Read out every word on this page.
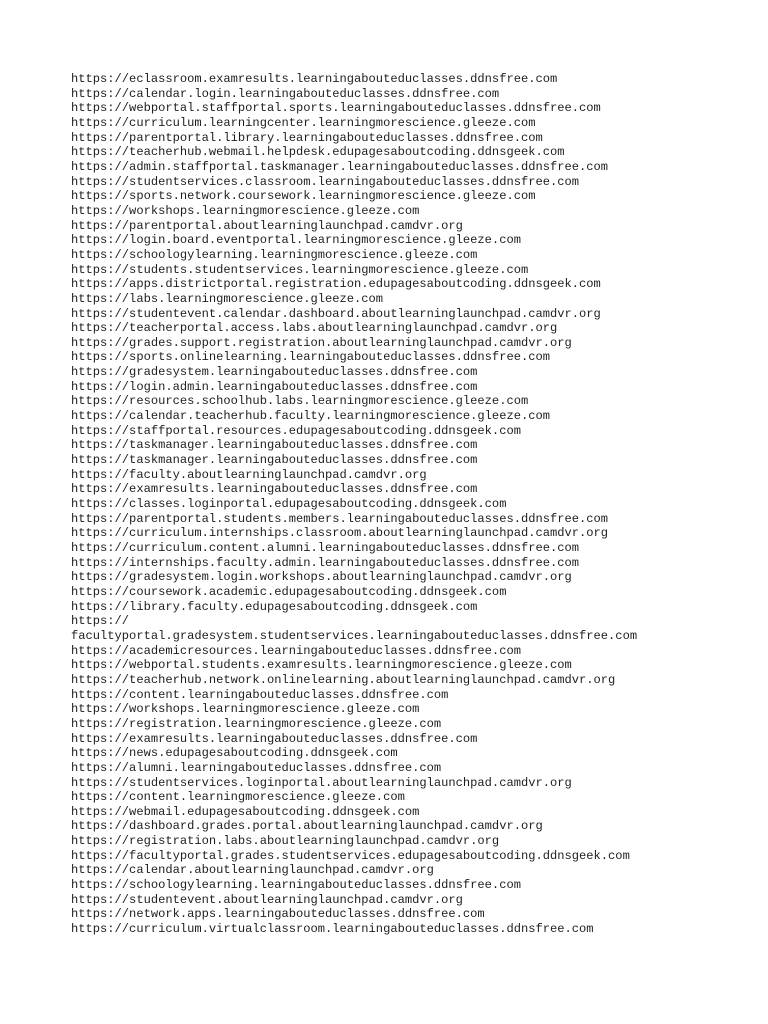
https://eclassroom.examresults.learningabouteduclasses.ddnsfree.com
https://calendar.login.learningabouteduclasses.ddnsfree.com
https://webportal.staffportal.sports.learningabouteduclasses.ddnsfree.com
https://curriculum.learningcenter.learningmorescience.gleeze.com
https://parentportal.library.learningabouteduclasses.ddnsfree.com
https://teacherhub.webmail.helpdesk.edupagesaboutcoding.ddnsgeek.com
https://admin.staffportal.taskmanager.learningabouteduclasses.ddnsfree.com
https://studentservices.classroom.learningabouteduclasses.ddnsfree.com
https://sports.network.coursework.learningmorescience.gleeze.com
https://workshops.learningmorescience.gleeze.com
https://parentportal.aboutlearninglaunchpad.camdvr.org
https://login.board.eventportal.learningmorescience.gleeze.com
https://schoologylearning.learningmorescience.gleeze.com
https://students.studentservices.learningmorescience.gleeze.com
https://apps.districtportal.registration.edupagesaboutcoding.ddnsgeek.com
https://labs.learningmorescience.gleeze.com
https://studentevent.calendar.dashboard.aboutlearninglaunchpad.camdvr.org
https://teacherportal.access.labs.aboutlearninglaunchpad.camdvr.org
https://grades.support.registration.aboutlearninglaunchpad.camdvr.org
https://sports.onlinelearning.learningabouteduclasses.ddnsfree.com
https://gradesystem.learningabouteduclasses.ddnsfree.com
https://login.admin.learningabouteduclasses.ddnsfree.com
https://resources.schoolhub.labs.learningmorescience.gleeze.com
https://calendar.teacherhub.faculty.learningmorescience.gleeze.com
https://staffportal.resources.edupagesaboutcoding.ddnsgeek.com
https://taskmanager.learningabouteduclasses.ddnsfree.com
https://taskmanager.learningabouteduclasses.ddnsfree.com
https://faculty.aboutlearninglaunchpad.camdvr.org
https://examresults.learningabouteduclasses.ddnsfree.com
https://classes.loginportal.edupagesaboutcoding.ddnsgeek.com
https://parentportal.students.members.learningabouteduclasses.ddnsfree.com
https://curriculum.internships.classroom.aboutlearninglaunchpad.camdvr.org
https://curriculum.content.alumni.learningabouteduclasses.ddnsfree.com
https://internships.faculty.admin.learningabouteduclasses.ddnsfree.com
https://gradesystem.login.workshops.aboutlearninglaunchpad.camdvr.org
https://coursework.academic.edupagesaboutcoding.ddnsgeek.com
https://library.faculty.edupagesaboutcoding.ddnsgeek.com
https://
facultyportal.gradesystem.studentservices.learningabouteduclasses.ddnsfree.com
https://academicresources.learningabouteduclasses.ddnsfree.com
https://webportal.students.examresults.learningmorescience.gleeze.com
https://teacherhub.network.onlinelearning.aboutlearninglaunchpad.camdvr.org
https://content.learningabouteduclasses.ddnsfree.com
https://workshops.learningmorescience.gleeze.com
https://registration.learningmorescience.gleeze.com
https://examresults.learningabouteduclasses.ddnsfree.com
https://news.edupagesaboutcoding.ddnsgeek.com
https://alumni.learningabouteduclasses.ddnsfree.com
https://studentservices.loginportal.aboutlearninglaunchpad.camdvr.org
https://content.learningmorescience.gleeze.com
https://webmail.edupagesaboutcoding.ddnsgeek.com
https://dashboard.grades.portal.aboutlearninglaunchpad.camdvr.org
https://registration.labs.aboutlearninglaunchpad.camdvr.org
https://facultyportal.grades.studentservices.edupagesaboutcoding.ddnsgeek.com
https://calendar.aboutlearninglaunchpad.camdvr.org
https://schoologylearning.learningabouteduclasses.ddnsfree.com
https://studentevent.aboutlearninglaunchpad.camdvr.org
https://network.apps.learningabouteduclasses.ddnsfree.com
https://curriculum.virtualclassroom.learningabouteduclasses.ddnsfree.com
